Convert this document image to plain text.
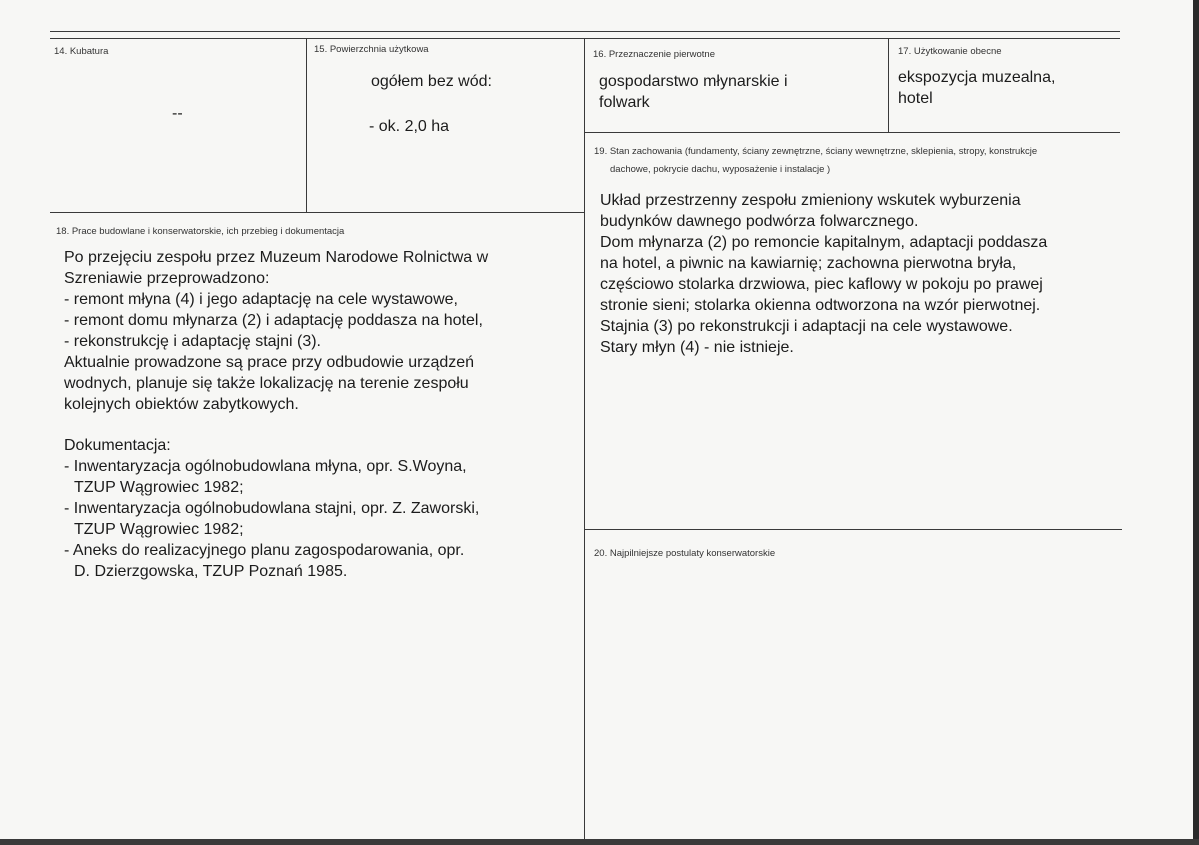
14. Kubatura
--
15. Powierzchnia użytkowa
ogółem bez wód:
- ok. 2,0 ha
16. Przeznaczenie pierwotne
gospodarstwo młynarskie i
folwark
17. Użytkowanie obecne
ekspozycja muzealna,
hotel
18. Prace budowlane i konserwatorskie, ich przebieg i dokumentacja
Po przejęciu zespołu przez Muzeum Narodowe Rolnictwa w
Szreniawie przeprowadzono:
- remont młyna (4) i jego adaptację na cele wystawowe,
- remont domu młynarza (2) i adaptację poddasza na hotel,
- rekonstrukcję i adaptację stajni (3).
Aktualnie prowadzone są prace przy odbudowie urządzeń
wodnych, planuje się także lokalizację na terenie zespołu
kolejnych obiektów zabytkowych.
Dokumentacja:
- Inwentaryzacja ogólnobudowlana młyna, opr. S.Woyna,
TZUP Wągrowiec 1982;
- Inwentaryzacja ogólnobudowlana stajni, opr. Z. Zaworski,
TZUP Wągrowiec 1982;
- Aneks do realizacyjnego planu zagospodarowania, opr.
D. Dzierzgowska, TZUP Poznań 1985.
19. Stan zachowania (fundamenty, ściany zewnętrzne, ściany wewnętrzne, sklepienia, stropy, konstrukcje
dachowe, pokrycie dachu, wyposażenie i instalacje )
Układ przestrzenny zespołu zmieniony wskutek wyburzenia
budynków dawnego podwórza folwarcznego.
Dom młynarza (2) po remoncie kapitalnym, adaptacji poddasza
na hotel, a piwnic na kawiarnię; zachowna pierwotna bryła,
częściowo stolarka drzwiowa, piec kaflowy w pokoju po prawej
stronie sieni; stolarka okienna odtworzona na wzór pierwotnej.
Stajnia (3) po rekonstrukcji i adaptacji na cele wystawowe.
Stary młyn (4) - nie istnieje.
20. Najpilniejsze postulaty konserwatorskie
